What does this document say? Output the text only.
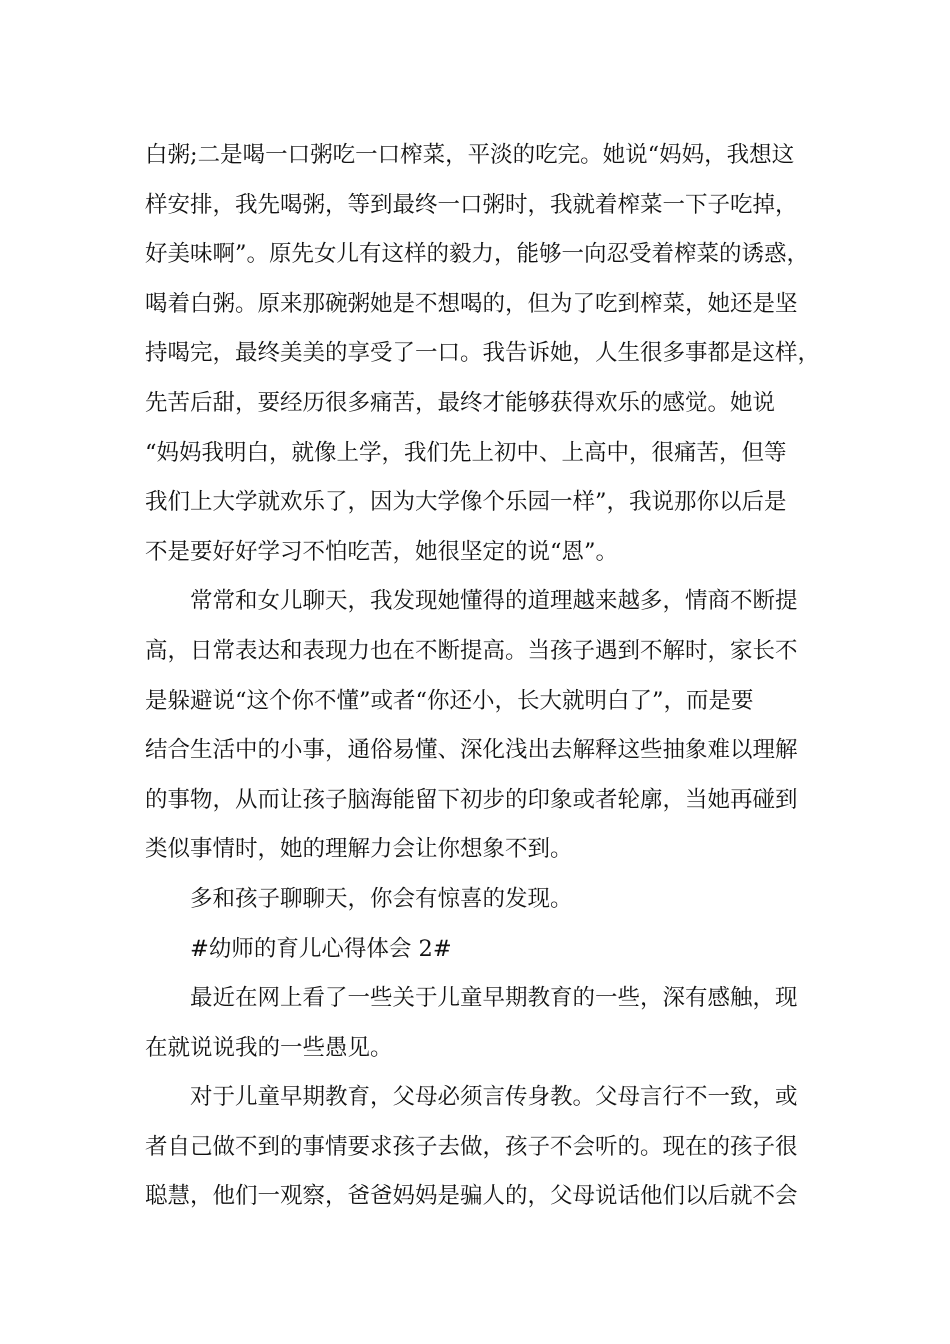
白粥;二是喝一口粥吃一口榨菜，平淡的吃完。她说“妈妈，我想这
样安排，我先喝粥，等到最终一口粥时，我就着榨菜一下子吃掉，
好美味啊”。原先女儿有这样的毅力，能够一向忍受着榨菜的诱惑，
喝着白粥。原来那碗粥她是不想喝的，但为了吃到榨菜，她还是坚
持喝完，最终美美的享受了一口。我告诉她，人生很多事都是这样，
先苦后甜，要经历很多痛苦，最终才能够获得欢乐的感觉。她说
“妈妈我明白，就像上学，我们先上初中、上高中，很痛苦，但等
我们上大学就欢乐了，因为大学像个乐园一样”，我说那你以后是
不是要好好学习不怕吃苦，她很坚定的说“恩”。
常常和女儿聊天，我发现她懂得的道理越来越多，情商不断提
高，日常表达和表现力也在不断提高。当孩子遇到不解时，家长不
是躲避说“这个你不懂”或者“你还小，长大就明白了”，而是要
结合生活中的小事，通俗易懂、深化浅出去解释这些抽象难以理解
的事物，从而让孩子脑海能留下初步的印象或者轮廓，当她再碰到
类似事情时，她的理解力会让你想象不到。
多和孩子聊聊天，你会有惊喜的发现。
#幼师的育儿心得体会 2#
最近在网上看了一些关于儿童早期教育的一些，深有感触，现
在就说说我的一些愚见。
对于儿童早期教育，父母必须言传身教。父母言行不一致，或
者自己做不到的事情要求孩子去做，孩子不会听的。现在的孩子很
聪慧，他们一观察，爸爸妈妈是骗人的，父母说话他们以后就不会
